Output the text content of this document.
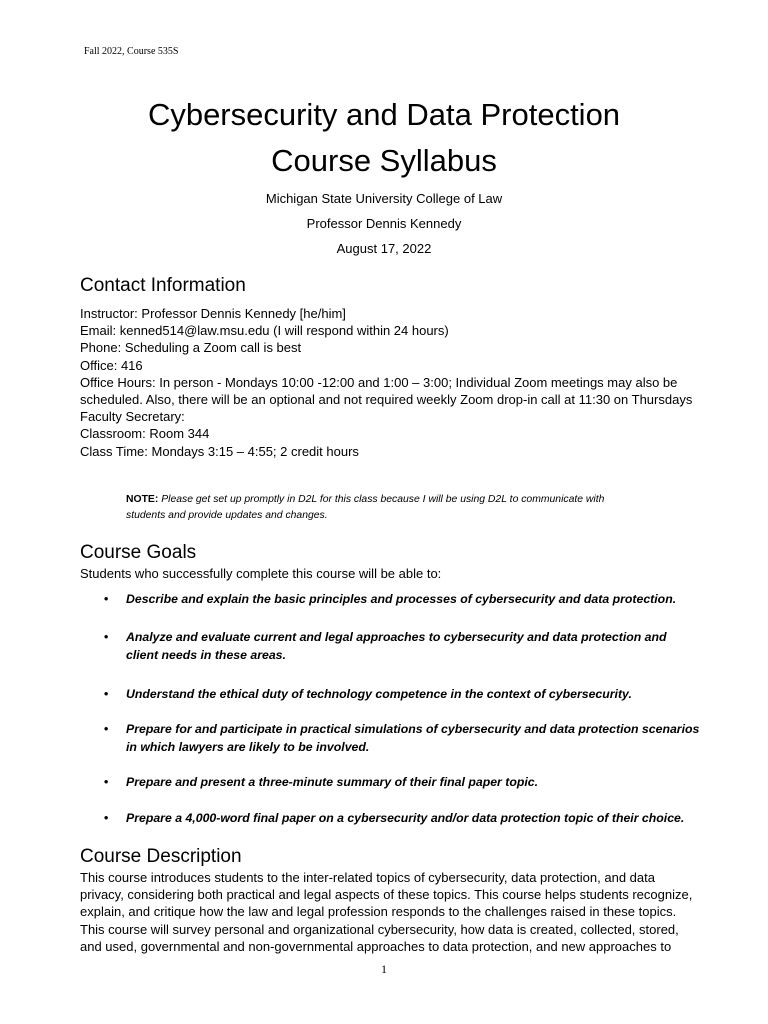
Fall 2022, Course 535S
Cybersecurity and Data Protection
Course Syllabus
Michigan State University College of Law
Professor Dennis Kennedy
August 17, 2022
Contact Information
Instructor: Professor Dennis Kennedy [he/him]
Email: kenned514@law.msu.edu (I will respond within 24 hours)
Phone: Scheduling a Zoom call is best
Office: 416
Office Hours: In person - Mondays 10:00 -12:00 and 1:00 – 3:00; Individual Zoom meetings may also be
scheduled. Also, there will be an optional and not required weekly Zoom drop-in call at 11:30 on Thursdays
Faculty Secretary:
Classroom: Room 344
Class Time: Mondays 3:15 – 4:55; 2 credit hours
NOTE: Please get set up promptly in D2L for this class because I will be using D2L to communicate with
students and provide updates and changes.
Course Goals
Students who successfully complete this course will be able to:
• Describe and explain the basic principles and processes of cybersecurity and data protection.
• Analyze and evaluate current and legal approaches to cybersecurity and data protection and
client needs in these areas.
• Understand the ethical duty of technology competence in the context of cybersecurity.
• Prepare for and participate in practical simulations of cybersecurity and data protection scenarios
in which lawyers are likely to be involved.
• Prepare and present a three-minute summary of their final paper topic.
• Prepare a 4,000-word final paper on a cybersecurity and/or data protection topic of their choice.
Course Description
This course introduces students to the inter-related topics of cybersecurity, data protection, and data
privacy, considering both practical and legal aspects of these topics. This course helps students recognize,
explain, and critique how the law and legal profession responds to the challenges raised in these topics.
This course will survey personal and organizational cybersecurity, how data is created, collected, stored,
and used, governmental and non-governmental approaches to data protection, and new approaches to
1
